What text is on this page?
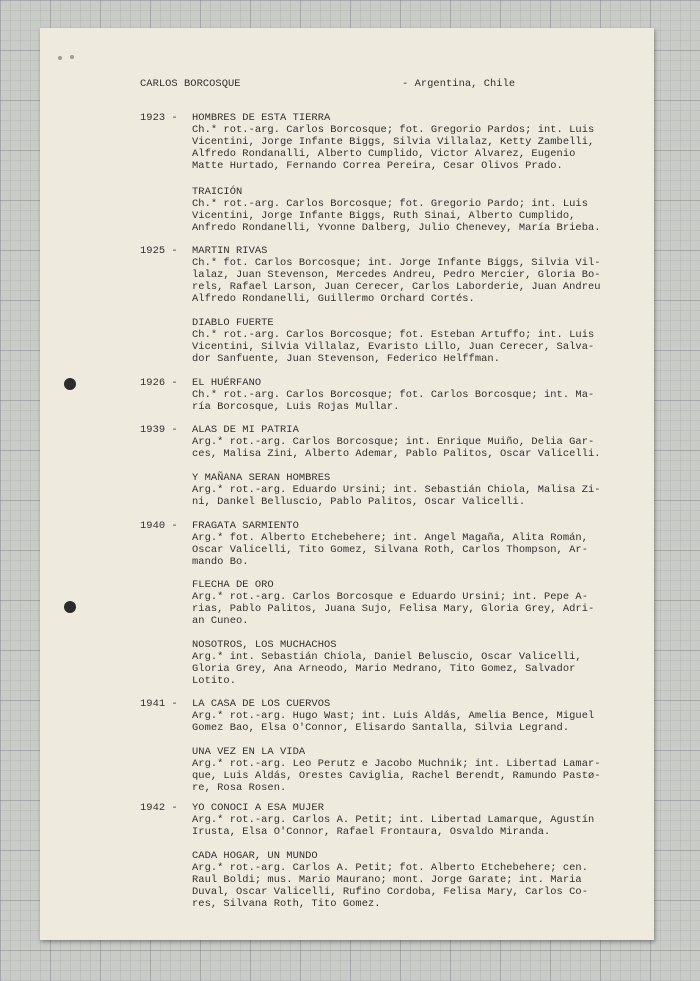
CARLOS BORCOSQUE	- Argentina, Chile
1923 -	HOMBRES DE ESTA TIERRA
Ch.* rot.-arg. Carlos Borcosque; fot. Gregorio Pardos; int. Luis
Vicentini, Jorge Infante Biggs, Silvia Villalaz, Ketty Zambelli,
Alfredo Rondanalli, Alberto Cumplido, Victor Alvarez, Eugenio
Matte Hurtado, Fernando Correa Pereira, Cesar Olivos Prado.
TRAICIÓN
Ch.* rot.-arg. Carlos Borcosque; fot. Gregorio Pardo; int. Luis
Vicentini, Jorge Infante Biggs, Ruth Sinai, Alberto Cumplido,
Anfredo Rondanelli, Yvonne Dalberg, Julio Chenevey, María Brieba.
1925 -	MARTIN RIVAS
Ch.* fot. Carlos Borcosque; int. Jorge Infante Biggs, Silvia Vil-
lalaz, Juan Stevenson, Mercedes Andreu, Pedro Mercier, Gloria Bo-
rels, Rafael Larson, Juan Cerecer, Carlos Laborderie, Juan Andreu
Alfredo Rondanelli, Guillermo Orchard Cortés.
DIABLO FUERTE
Ch.* rot.-arg. Carlos Borcosque; fot. Esteban Artuffo; int. Luis
Vicentini, Silvia Villalaz, Evaristo Lillo, Juan Cerecer, Salva-
dor Sanfuente, Juan Stevenson, Federico Helffman.
1926 -	EL HUÉRFANO
Ch.* rot.-arg. Carlos Borcosque; fot. Carlos Borcosque; int. Ma-
ría Borcosque, Luis Rojas Mullar.
1939 -	ALAS DE MI PATRIA
Arg.* rot.-arg. Carlos Borcosque; int. Enrique Muiño, Delia Gar-
ces, Malisa Zini, Alberto Ademar, Pablo Palitos, Oscar Valicelli.
Y MAÑANA SERAN HOMBRES
Arg.* rot.-arg. Eduardo Ursini; int. Sebastián Chiola, Malisa Zi-
ni, Dankel Belluscio, Pablo Palitos, Oscar Valicelli.
1940 -	FRAGATA SARMIENTO
Arg.* fot. Alberto Etchebehere; int. Angel Magaña, Alita Román,
Oscar Valicelli, Tito Gomez, Silvana Roth, Carlos Thompson, Ar-
mando Bo.
FLECHA DE ORO
Arg.* rot.-arg. Carlos Borcosque e Eduardo Ursini; int. Pepe A-
rias, Pablo Palitos, Juana Sujo, Felisa Mary, Gloria Grey, Adri-
an Cuneo.
NOSOTROS, LOS MUCHACHOS
Arg.* int. Sebastián Chiola, Daniel Beluscio, Oscar Valicelli,
Gloria Grey, Ana Arneodo, Mario Medrano, Tito Gomez, Salvador
Lotito.
1941 -	LA CASA DE LOS CUERVOS
Arg.* rot.-arg. Hugo Wast; int. Luis Aldás, Amelia Bence, Miguel
Gomez Bao, Elsa O'Connor, Elisardo Santalla, Silvia Legrand.
UNA VEZ EN LA VIDA
Arg.* rot.-arg. Leo Perutz e Jacobo Muchnik; int. Libertad Lamar-
que, Luis Aldás, Orestes Caviglia, Rachel Berendt, Ramundo Pastø-
re, Rosa Rosen.
1942 -	YO CONOCI A ESA MUJER
Arg.* rot.-arg. Carlos A. Petit; int. Libertad Lamarque, Agustín
Irusta, Elsa O'Connor, Rafael Frontaura, Osvaldo Miranda.
CADA HOGAR, UN MUNDO
Arg.* rot.-arg. Carlos A. Petit; fot. Alberto Etchebehere; cen.
Raul Boldi; mus. Mario Maurano; mont. Jorge Garate; int. Maria
Duval, Oscar Valicelli, Rufino Cordoba, Felisa Mary, Carlos Co-
res, Silvana Roth, Tito Gomez.
